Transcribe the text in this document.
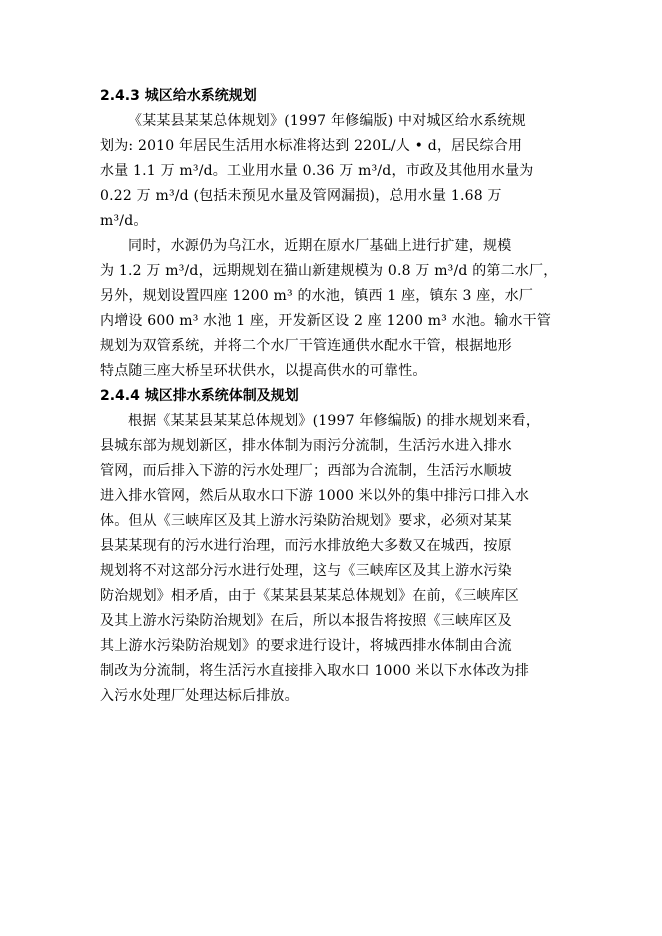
2.4.3 城区给水系统规划
《某某县某某总体规划》(1997 年修编版) 中对城区给水系统规
划为: 2010 年居民生活用水标准将达到 220L/人 • d，居民综合用
水量 1.1 万 m³/d。工业用水量 0.36 万 m³/d，市政及其他用水量为
0.22 万 m³/d (包括未预见水量及管网漏损)，总用水量 1.68 万
m³/d。
同时，水源仍为乌江水，近期在原水厂基础上进行扩建，规模
为 1.2 万 m³/d，远期规划在猫山新建规模为 0.8 万 m³/d 的第二水厂，
另外，规划设置四座 1200 m³ 的水池，镇西 1 座，镇东 3 座，水厂
内增设 600 m³ 水池 1 座，开发新区设 2 座 1200 m³ 水池。输水干管
规划为双管系统，并将二个水厂干管连通供水配水干管，根据地形
特点随三座大桥呈环状供水，以提高供水的可靠性。
2.4.4 城区排水系统体制及规划
根据《某某县某某总体规划》(1997 年修编版) 的排水规划来看，
县城东部为规划新区，排水体制为雨污分流制，生活污水进入排水
管网，而后排入下游的污水处理厂；西部为合流制，生活污水顺坡
进入排水管网，然后从取水口下游 1000 米以外的集中排污口排入水
体。但从《三峡库区及其上游水污染防治规划》要求，必须对某某
县某某现有的污水进行治理，而污水排放绝大多数又在城西，按原
规划将不对这部分污水进行处理，这与《三峡库区及其上游水污染
防治规划》相矛盾，由于《某某县某某总体规划》在前，《三峡库区
及其上游水污染防治规划》在后，所以本报告将按照《三峡库区及
其上游水污染防治规划》的要求进行设计，将城西排水体制由合流
制改为分流制，将生活污水直接排入取水口 1000 米以下水体改为排
入污水处理厂处理达标后排放。
